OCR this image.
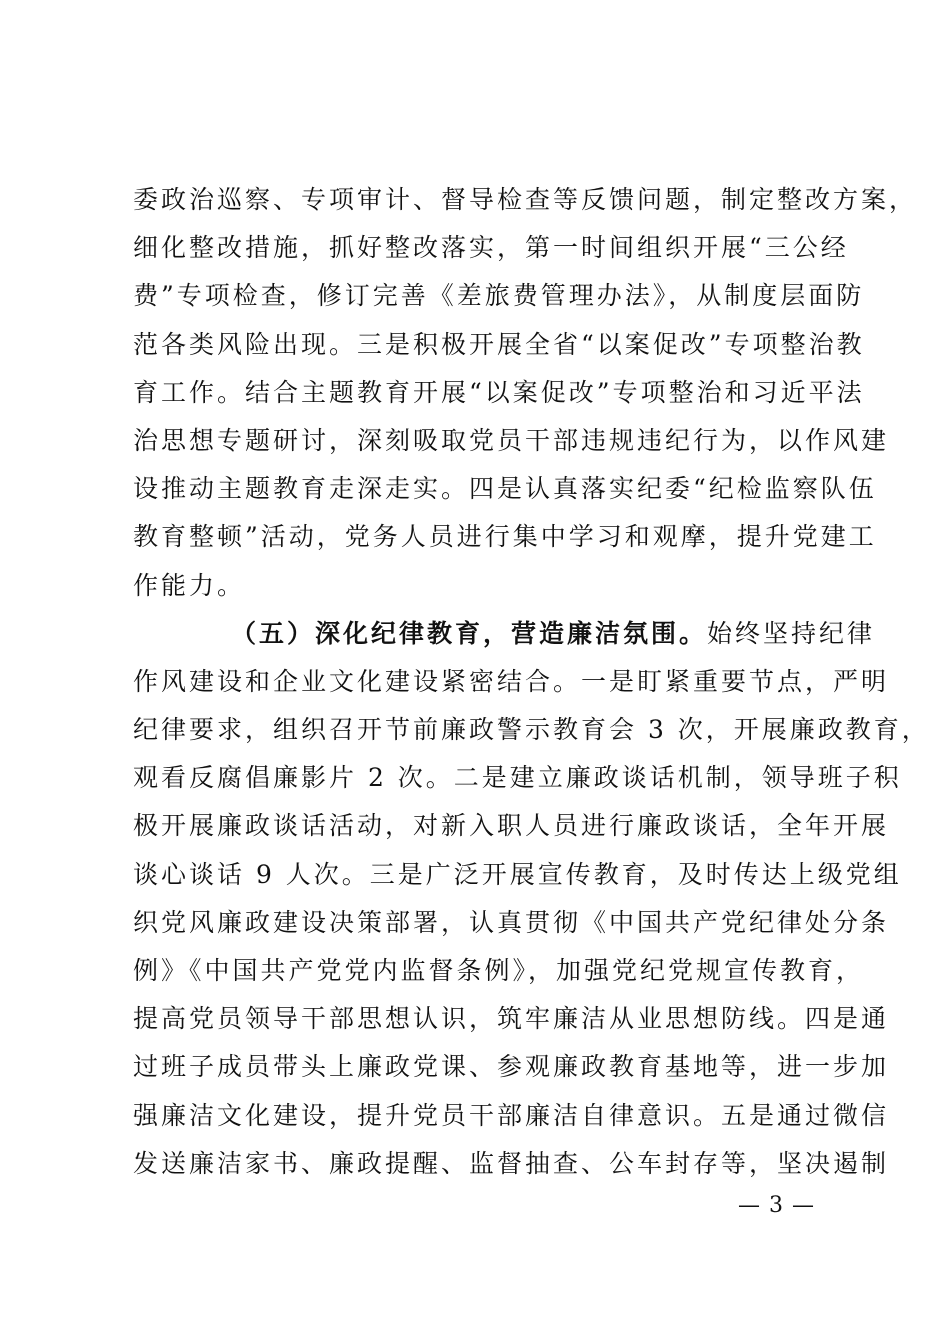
委政治巡察、专项审计、督导检查等反馈问题，制定整改方案，
细化整改措施，抓好整改落实，第一时间组织开展“三公经
费”专项检查，修订完善《差旅费管理办法》，从制度层面防
范各类风险出现。三是积极开展全省“以案促改”专项整治教
育工作。结合主题教育开展“以案促改”专项整治和习近平法
治思想专题研讨，深刻吸取党员干部违规违纪行为，以作风建
设推动主题教育走深走实。四是认真落实纪委“纪检监察队伍
教育整顿”活动，党务人员进行集中学习和观摩，提升党建工
作能力。
（五）深化纪律教育，营造廉洁氛围。始终坚持纪律
作风建设和企业文化建设紧密结合。一是盯紧重要节点，严明
纪律要求，组织召开节前廉政警示教育会 3 次，开展廉政教育，
观看反腐倡廉影片 2 次。二是建立廉政谈话机制，领导班子积
极开展廉政谈话活动，对新入职人员进行廉政谈话，全年开展
谈心谈话 9 人次。三是广泛开展宣传教育，及时传达上级党组
织党风廉政建设决策部署，认真贯彻《中国共产党纪律处分条
例》《中国共产党党内监督条例》，加强党纪党规宣传教育，
提高党员领导干部思想认识，筑牢廉洁从业思想防线。四是通
过班子成员带头上廉政党课、参观廉政教育基地等，进一步加
强廉洁文化建设，提升党员干部廉洁自律意识。五是通过微信
发送廉洁家书、廉政提醒、监督抽查、公车封存等，坚决遏制
— 3 —
